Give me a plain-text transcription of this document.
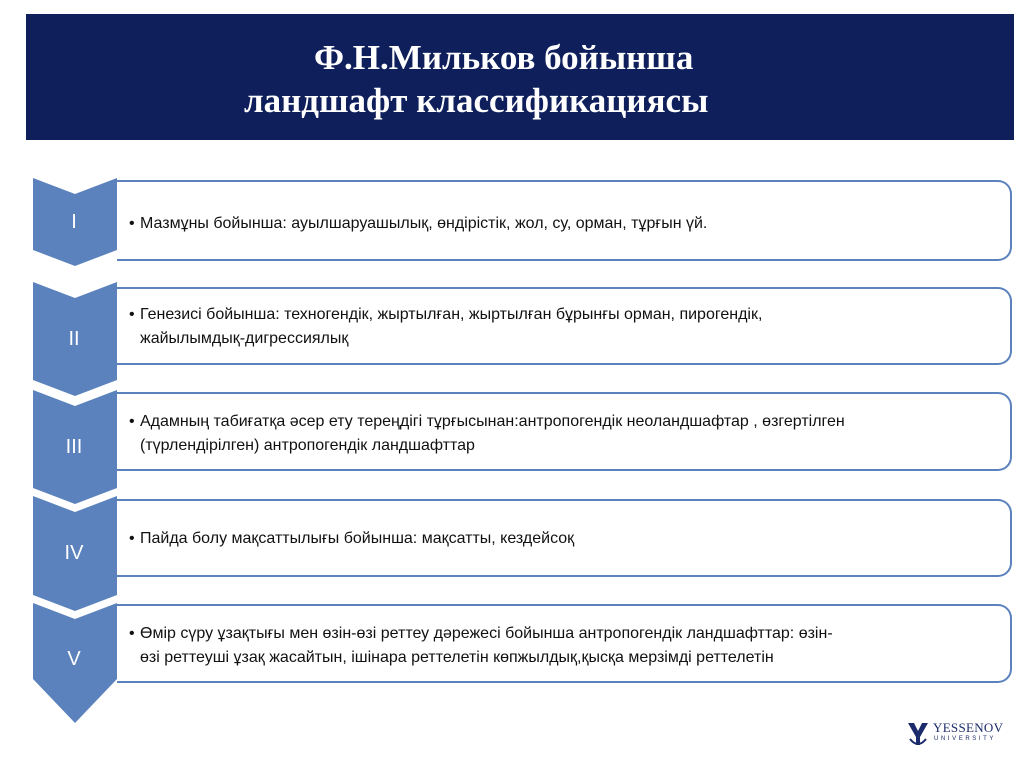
Ф.Н.Мильков бойынша
ландшафт классификациясы
• Мазмұны бойынша: ауылшаруашылық, өндірістік, жол, су, орман, тұрғын үй.
I
• Генезисі бойынша: техногендік, жыртылған, жыртылған бұрынғы орман, пирогендік,
жайылымдық-дигрессиялық
II
• Адамның табиғатқа әсер ету тереңдігі тұрғысынан:антропогендік неоландшафтар , өзгертілген
(түрлендірілген) антропогендік ландшафттар
III
• Пайда болу мақсаттылығы бойынша: мақсатты, кездейсоқ
IV
• Өмір сүру ұзақтығы мен өзін-өзі реттеу дәрежесі бойынша антропогендік ландшафттар: өзін-
өзі реттеуші ұзақ жасайтын, ішінара реттелетін көпжылдық,қысқа мерзімді реттелетін
V
YESSENOV
UNIVERSITY
